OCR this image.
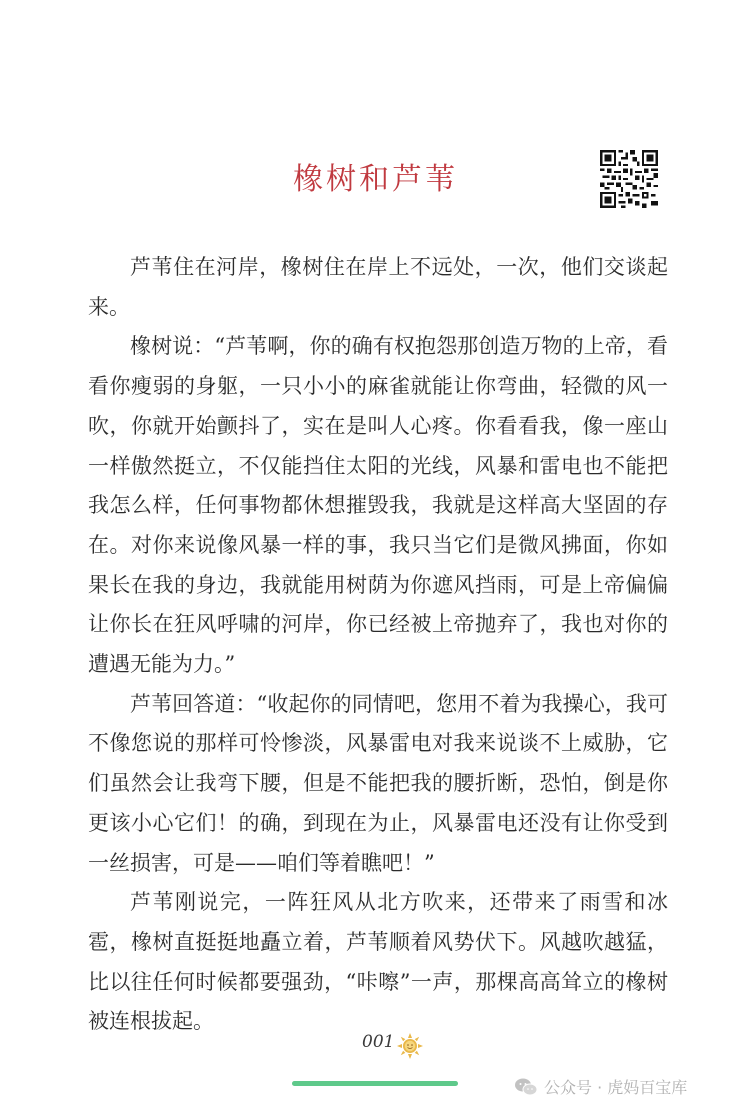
橡树和芦苇

芦苇住在河岸，橡树住在岸上不远处，一次，他们交谈起来。

橡树说：“芦苇啊，你的确有权抱怨那创造万物的上帝，看看你瘦弱的身躯，一只小小的麻雀就能让你弯曲，轻微的风一吹，你就开始颤抖了，实在是叫人心疼。你看看我，像一座山一样傲然挺立，不仅能挡住太阳的光线，风暴和雷电也不能把我怎么样，任何事物都休想摧毁我，我就是这样高大坚固的存在。对你来说像风暴一样的事，我只当它们是微风拂面，你如果长在我的身边，我就能用树荫为你遮风挡雨，可是上帝偏偏让你长在狂风呼啸的河岸，你已经被上帝抛弃了，我也对你的遭遇无能为力。”

芦苇回答道：“收起你的同情吧，您用不着为我操心，我可不像您说的那样可怜惨淡，风暴雷电对我来说谈不上威胁，它们虽然会让我弯下腰，但是不能把我的腰折断，恐怕，倒是你更该小心它们！的确，到现在为止，风暴雷电还没有让你受到一丝损害，可是——咱们等着瞧吧！”

芦苇刚说完，一阵狂风从北方吹来，还带来了雨雪和冰雹，橡树直挺挺地矗立着，芦苇顺着风势伏下。风越吹越猛，比以往任何时候都要强劲，“咔嚓”一声，那棵高高耸立的橡树被连根拔起。

001
公众号 · 虎妈百宝库
